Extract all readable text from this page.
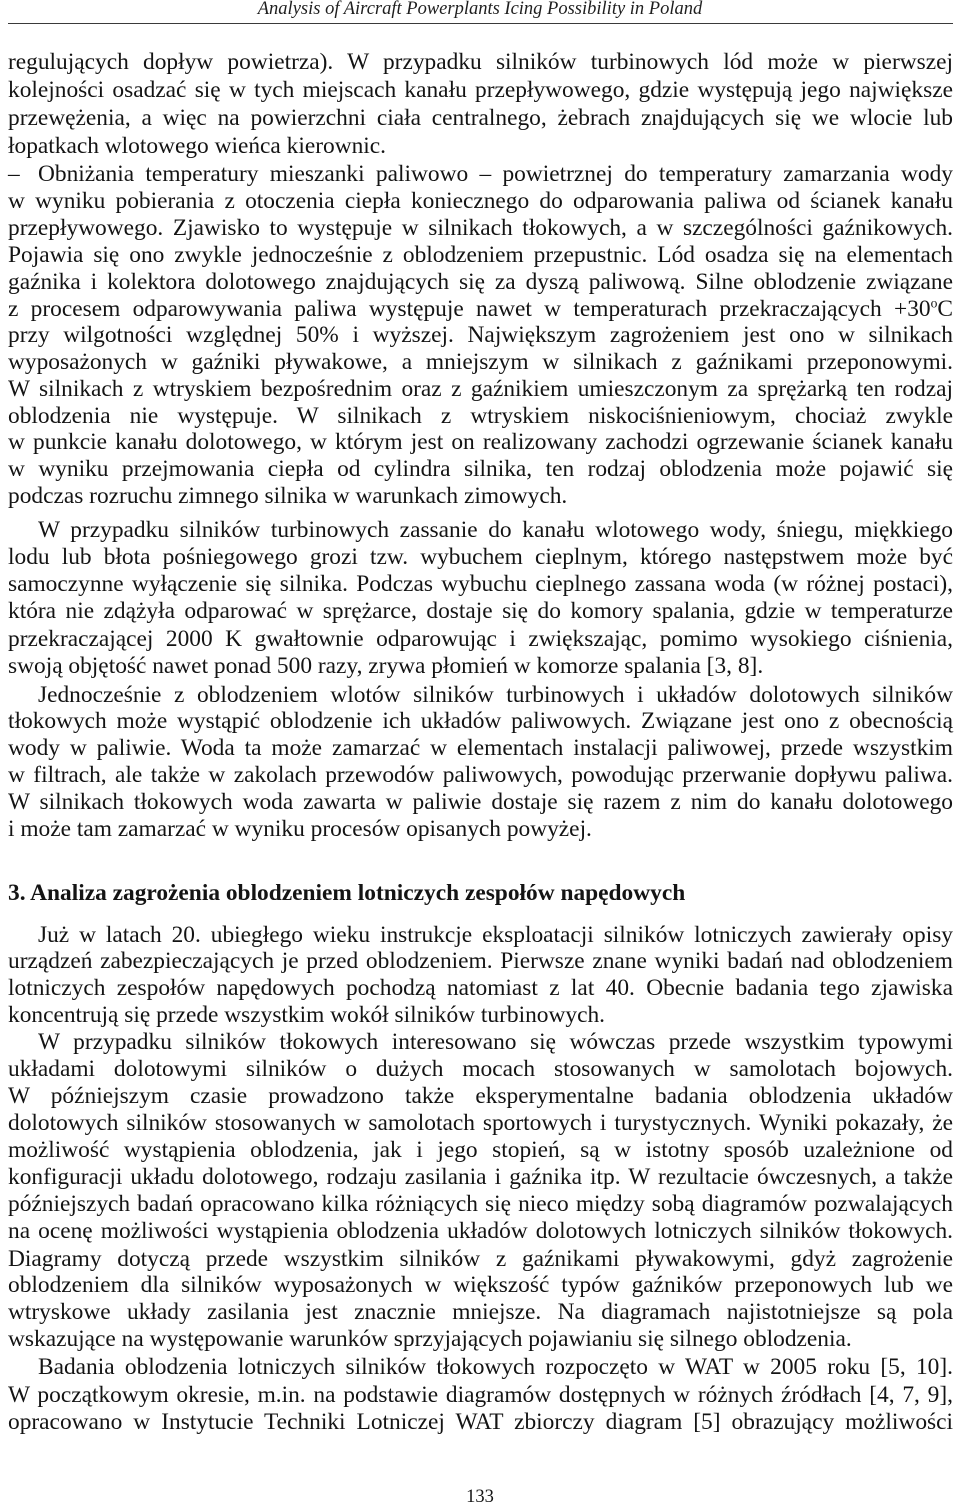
Analysis of Aircraft Powerplants Icing Possibility in Poland
regulujących dopływ powietrza). W przypadku silników turbinowych lód może w pierwszej
kolejności osadzać się w tych miejscach kanału przepływowego, gdzie występują jego największe
przewężenia, a więc na powierzchni ciała centralnego, żebrach znajdujących się we wlocie lub
łopatkach wlotowego wieńca kierownic.
– Obniżania temperatury mieszanki paliwowo – powietrznej do temperatury zamarzania wody
w wyniku pobierania z otoczenia ciepła koniecznego do odparowania paliwa od ścianek kanału
przepływowego. Zjawisko to występuje w silnikach tłokowych, a w szczególności gaźnikowych.
Pojawia się ono zwykle jednocześnie z oblodzeniem przepustnic. Lód osadza się na elementach
gaźnika i kolektora dolotowego znajdujących się za dyszą paliwową. Silne oblodzenie związane
z procesem odparowywania paliwa występuje nawet w temperaturach przekraczających $+30^oC$
przy wilgotności względnej 50% i wyższej. Największym zagrożeniem jest ono w silnikach
wyposażonych w gaźniki pływakowe, a mniejszym w silnikach z gaźnikami przeponowymi.
W silnikach z wtryskiem bezpośrednim oraz z gaźnikiem umieszczonym za sprężarką ten rodzaj
oblodzenia nie występuje. W silnikach z wtryskiem niskociśnieniowym, chociaż zwykle
w punkcie kanału dolotowego, w którym jest on realizowany zachodzi ogrzewanie ścianek kanału
w wyniku przejmowania ciepła od cylindra silnika, ten rodzaj oblodzenia może pojawić się
podczas rozruchu zimnego silnika w warunkach zimowych.
W przypadku silników turbinowych zassanie do kanału wlotowego wody, śniegu, miękkiego
lodu lub błota pośniegowego grozi tzw. wybuchem cieplnym, którego następstwem może być
samoczynne wyłączenie się silnika. Podczas wybuchu cieplnego zassana woda (w różnej postaci),
która nie zdążyła odparować w sprężarce, dostaje się do komory spalania, gdzie w temperaturze
przekraczającej 2000 K gwałtownie odparowując i zwiększając, pomimo wysokiego ciśnienia,
swoją objętość nawet ponad 500 razy, zrywa płomień w komorze spalania [3, 8].
Jednocześnie z oblodzeniem wlotów silników turbinowych i układów dolotowych silników
tłokowych może wystąpić oblodzenie ich układów paliwowych. Związane jest ono z obecnością
wody w paliwie. Woda ta może zamarzać w elementach instalacji paliwowej, przede wszystkim
w filtrach, ale także w zakolach przewodów paliwowych, powodując przerwanie dopływu paliwa.
W silnikach tłokowych woda zawarta w paliwie dostaje się razem z nim do kanału dolotowego
i może tam zamarzać w wyniku procesów opisanych powyżej.
3. Analiza zagrożenia oblodzeniem lotniczych zespołów napędowych
Już w latach 20. ubiegłego wieku instrukcje eksploatacji silników lotniczych zawierały opisy
urządzeń zabezpieczających je przed oblodzeniem. Pierwsze znane wyniki badań nad oblodzeniem
lotniczych zespołów napędowych pochodzą natomiast z lat 40. Obecnie badania tego zjawiska
koncentrują się przede wszystkim wokół silników turbinowych.
W przypadku silników tłokowych interesowano się wówczas przede wszystkim typowymi
układami dolotowymi silników o dużych mocach stosowanych w samolotach bojowych.
W późniejszym czasie prowadzono także eksperymentalne badania oblodzenia układów
dolotowych silników stosowanych w samolotach sportowych i turystycznych. Wyniki pokazały, że
możliwość wystąpienia oblodzenia, jak i jego stopień, są w istotny sposób uzależnione od
konfiguracji układu dolotowego, rodzaju zasilania i gaźnika itp. W rezultacie ówczesnych, a także
późniejszych badań opracowano kilka różniących się nieco między sobą diagramów pozwalających
na ocenę możliwości wystąpienia oblodzenia układów dolotowych lotniczych silników tłokowych.
Diagramy dotyczą przede wszystkim silników z gaźnikami pływakowymi, gdyż zagrożenie
oblodzeniem dla silników wyposażonych w większość typów gaźników przeponowych lub we
wtryskowe układy zasilania jest znacznie mniejsze. Na diagramach najistotniejsze są pola
wskazujące na występowanie warunków sprzyjających pojawianiu się silnego oblodzenia.
Badania oblodzenia lotniczych silników tłokowych rozpoczęto w WAT w 2005 roku [5, 10].
W początkowym okresie, m.in. na podstawie diagramów dostępnych w różnych źródłach [4, 7, 9],
opracowano w Instytucie Techniki Lotniczej WAT zbiorczy diagram [5] obrazujący możliwości
133
